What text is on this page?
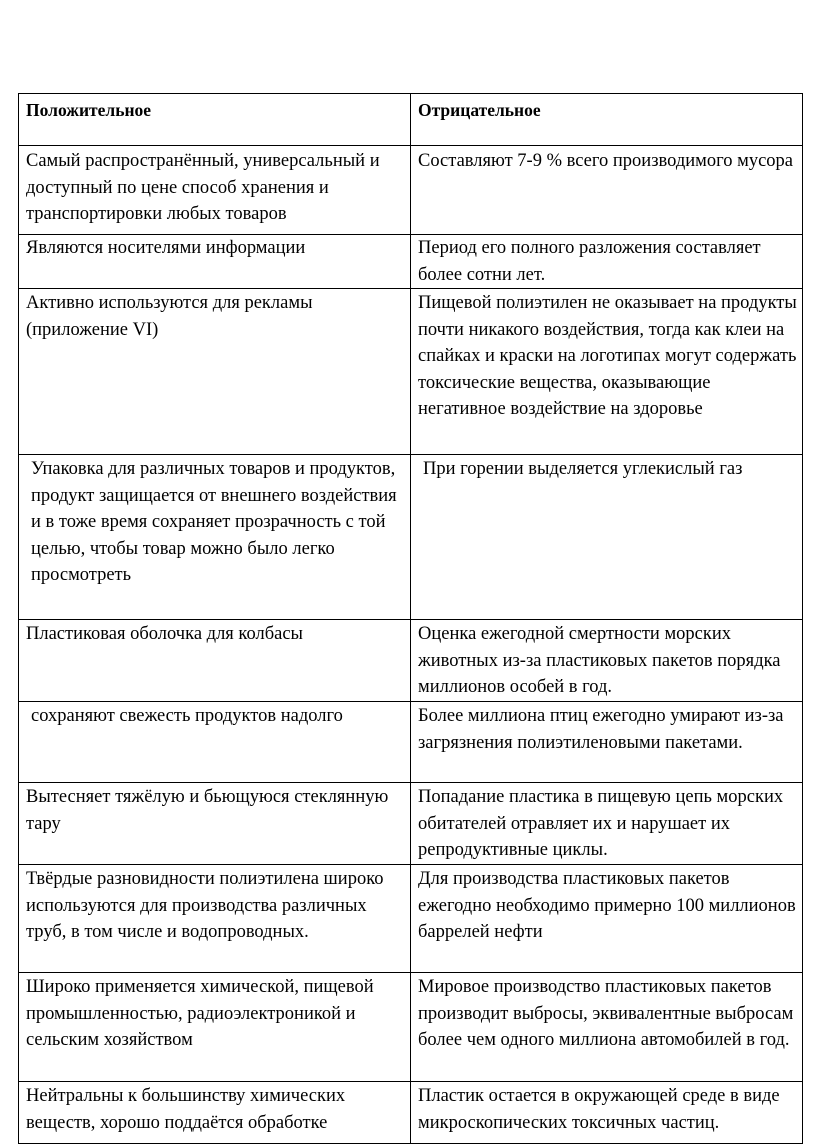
Положительное	Отрицательное
Самый распространённый, универсальный и доступный по цене способ хранения и транспортировки любых товаров	Составляют 7-9 % всего производимого мусора
Являются носителями информации	Период его полного разложения составляет более сотни лет.
Активно используются для рекламы (приложение VI)	Пищевой полиэтилен не оказывает на продукты почти никакого воздействия, тогда как клеи на спайках и краски на логотипах могут содержать токсические вещества, оказывающие негативное воздействие на здоровье
Упаковка для различных товаров и продуктов, продукт защищается от внешнего воздействия и в тоже время сохраняет прозрачность с той целью, чтобы товар можно было легко просмотреть	При горении выделяется углекислый газ
Пластиковая оболочка для колбасы	Оценка ежегодной смертности морских животных из-за пластиковых пакетов порядка миллионов особей в год.
сохраняют свежесть продуктов надолго	Более миллиона птиц ежегодно умирают из-за загрязнения полиэтиленовыми пакетами.
Вытесняет тяжёлую и бьющуюся стеклянную тару	Попадание пластика в пищевую цепь морских обитателей отравляет их и нарушает их репродуктивные циклы.
Твёрдые разновидности полиэтилена широко используются для производства различных труб, в том числе и водопроводных.	Для производства пластиковых пакетов ежегодно необходимо примерно 100 миллионов баррелей нефти
Широко применяется химической, пищевой промышленностью, радиоэлектроникой и сельским хозяйством	Мировое производство пластиковых пакетов производит выбросы, эквивалентные выбросам более чем одного миллиона автомобилей в год.
Нейтральны к большинству химических веществ, хорошо поддаётся обработке	Пластик остается в окружающей среде в виде микроскопических токсичных частиц.
